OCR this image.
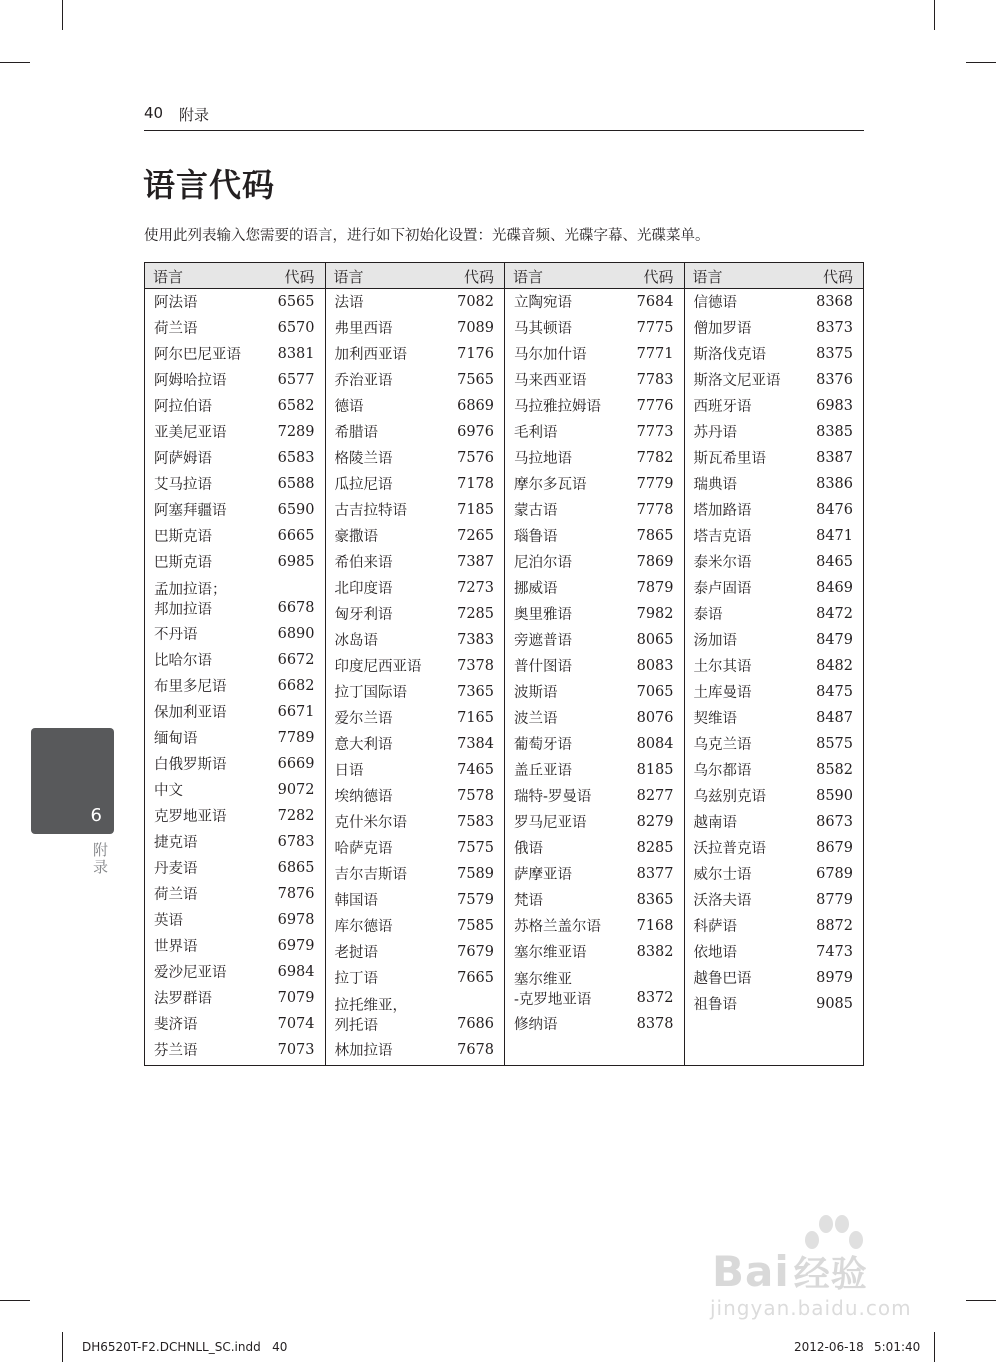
40 附录
语言代码
使用此列表输入您需要的语言，进行如下初始化设置：光碟音频、光碟字幕、光碟菜单。
语言	代码
阿法语	6565
荷兰语	6570
阿尔巴尼亚语	8381
阿姆哈拉语	6577
阿拉伯语	6582
亚美尼亚语	7289
阿萨姆语	6583
艾马拉语	6588
阿塞拜疆语	6590
巴斯克语	6665
巴斯克语	6985
孟加拉语；
邦加拉语	6678
不丹语	6890
比哈尔语	6672
布里多尼语	6682
保加利亚语	6671
缅甸语	7789
白俄罗斯语	6669
中文	9072
克罗地亚语	7282
捷克语	6783
丹麦语	6865
荷兰语	7876
英语	6978
世界语	6979
爱沙尼亚语	6984
法罗群语	7079
斐济语	7074
芬兰语	7073
语言	代码
法语	7082
弗里西语	7089
加利西亚语	7176
乔治亚语	7565
德语	6869
希腊语	6976
格陵兰语	7576
瓜拉尼语	7178
古吉拉特语	7185
豪撒语	7265
希伯来语	7387
北印度语	7273
匈牙利语	7285
冰岛语	7383
印度尼西亚语 7378
拉丁国际语	7365
爱尔兰语	7165
意大利语	7384
日语	7465
埃纳德语	7578
克什米尔语	7583
哈萨克语	7575
吉尔吉斯语	7589
韩国语	7579
库尔德语	7585
老挝语	7679
拉丁语	7665
拉托维亚，
列托语	7686
林加拉语	7678
语言	代码
立陶宛语	7684
马其顿语	7775
马尔加什语	7771
马来西亚语	7783
马拉雅拉姆语 7776
毛利语	7773
马拉地语	7782
摩尔多瓦语	7779
蒙古语	7778
瑙鲁语	7865
尼泊尔语	7869
挪威语	7879
奥里雅语	7982
旁遮普语	8065
普什图语	8083
波斯语	7065
波兰语	8076
葡萄牙语	8084
盖丘亚语	8185
瑞特-罗曼语	8277
罗马尼亚语	8279
俄语	8285
萨摩亚语	8377
梵语	8365
苏格兰盖尔语 7168
塞尔维亚语	8382
塞尔维亚
-克罗地亚语	8372
修纳语	8378
语言	代码
信德语	8368
僧加罗语	8373
斯洛伐克语	8375
斯洛文尼亚语 8376
西班牙语	6983
苏丹语	8385
斯瓦希里语	8387
瑞典语	8386
塔加路语	8476
塔吉克语	8471
泰米尔语	8465
泰卢固语	8469
泰语	8472
汤加语	8479
土尔其语	8482
土库曼语	8475
契维语	8487
乌克兰语	8575
乌尔都语	8582
乌兹别克语	8590
越南语	8673
沃拉普克语	8679
威尔士语	6789
沃洛夫语	8779
科萨语	8872
依地语	7473
越鲁巴语	8979
祖鲁语	9085
6
附录
Bai 经验
jingyan.baidu.com
DH6520T-F2.DCHNLL_SC.indd   40	2012-06-18 5:01:40
